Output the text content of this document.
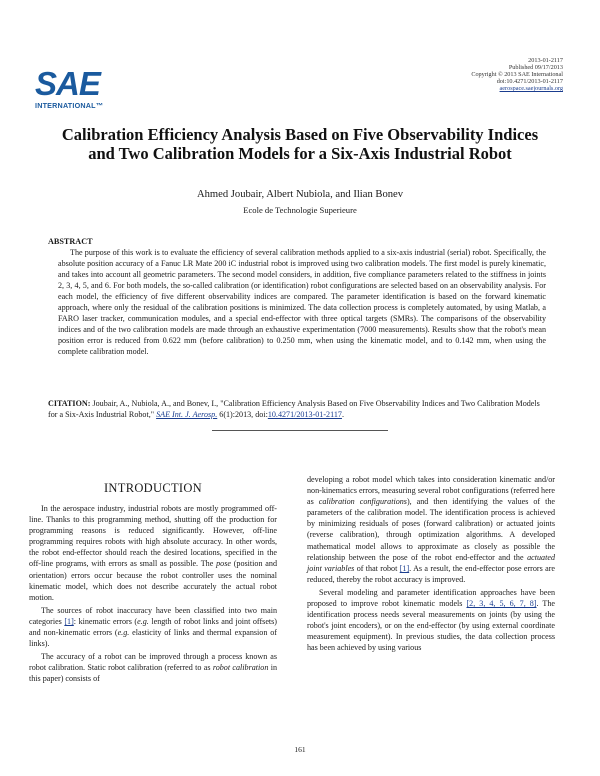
SAE
INTERNATIONAL™
2013-01-2117
Published 09/17/2013
Copyright © 2013 SAE International
doi:10.4271/2013-01-2117
aerospace.saejournals.org
Calibration Efficiency Analysis Based on Five Observability Indices and Two Calibration Models for a Six-Axis Industrial Robot
Ahmed Joubair, Albert Nubiola, and Ilian Bonev
Ecole de Technologie Superieure
ABSTRACT
The purpose of this work is to evaluate the efficiency of several calibration methods applied to a six-axis industrial (serial) robot. Specifically, the absolute position accuracy of a Fanuc LR Mate 200 iC industrial robot is improved using two calibration models. The first model is purely kinematic, and takes into account all geometric parameters. The second model considers, in addition, five compliance parameters related to the stiffness in joints 2, 3, 4, 5, and 6. For both models, the so-called calibration (or identification) robot configurations are selected based on an observability analysis. For each model, the efficiency of five different observability indices are compared. The parameter identification is based on the forward kinematic approach, where only the residual of the calibration positions is minimized. The data collection process is completely automated, by using Matlab, a FARO laser tracker, communication modules, and a special end-effector with three optical targets (SMRs). The comparisons of the observability indices and of the two calibration models are made through an exhaustive experimentation (7000 measurements). Results show that the robot's mean position error is reduced from 0.622 mm (before calibration) to 0.250 mm, when using the kinematic model, and to 0.142 mm, when using the complete calibration model.
CITATION: Joubair, A., Nubiola, A., and Bonev, I., "Calibration Efficiency Analysis Based on Five Observability Indices and Two Calibration Models for a Six-Axis Industrial Robot," SAE Int. J. Aerosp. 6(1):2013, doi:10.4271/2013-01-2117.
INTRODUCTION

In the aerospace industry, industrial robots are mostly programmed off-line. Thanks to this programming method, shutting off the production for programming reasons is reduced significantly. However, off-line programming requires robots with high absolute accuracy. In other words, the robot end-effector should reach the desired locations, specified in the off-line programs, with errors as small as possible. The pose (position and orientation) errors occur because the robot controller uses the nominal kinematic model, which does not describe accurately the actual robot motion.

The sources of robot inaccuracy have been classified into two main categories [1]: kinematic errors (e.g. length of robot links and joint offsets) and non-kinematic errors (e.g. elasticity of links and thermal expansion of links).

The accuracy of a robot can be improved through a process known as robot calibration. Static robot calibration (referred to as robot calibration in this paper) consists of

developing a robot model which takes into consideration kinematic and/or non-kinematics errors, measuring several robot configurations (referred here as calibration configurations), and then identifying the values of the parameters of the calibration model. The identification process is achieved by minimizing residuals of poses (forward calibration) or actuated joints (reverse calibration), through optimization algorithms. A developed mathematical model allows to approximate as closely as possible the relationship between the pose of the robot end-effector and the actuated joint variables of that robot [1]. As a result, the end-effector pose errors are reduced, thereby the robot accuracy is improved.

Several modeling and parameter identification approaches have been proposed to improve robot kinematic models [2, 3, 4, 5, 6, 7, 8]. The identification process needs several measurements on joints (by using the robot's joint encoders), or on the end-effector (by using external coordinate measurement equipment). In previous studies, the data collection process has been achieved by using various

161
